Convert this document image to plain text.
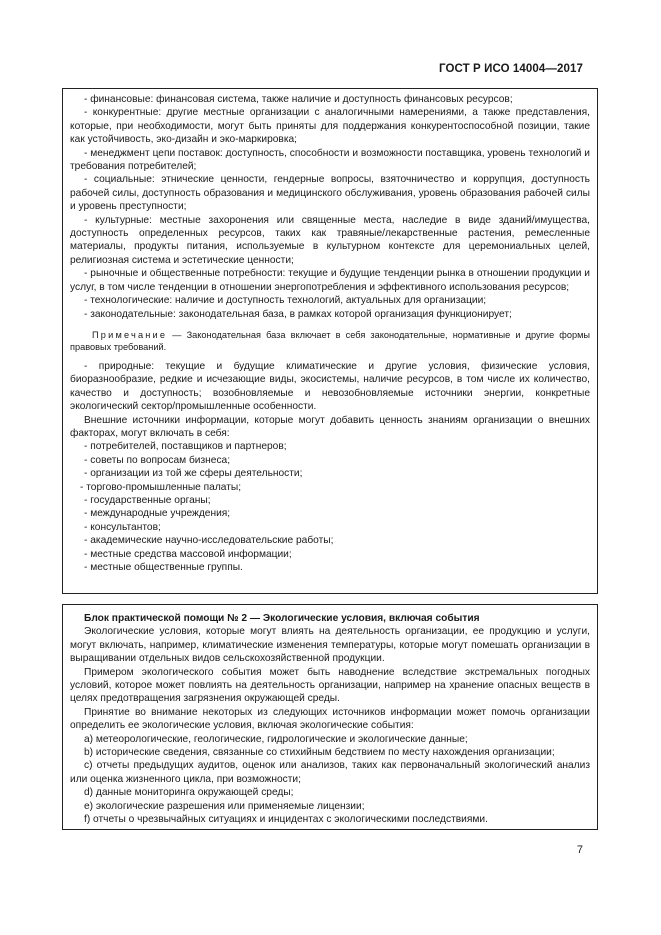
ГОСТ Р ИСО 14004—2017

- финансовые: финансовая система, также наличие и доступность финансовых ресурсов;

- конкурентные: другие местные организации с аналогичными намерениями, а также представления, которые, при необходимости, могут быть приняты для поддержания конкурентоспособной позиции, такие как устойчивость, эко-дизайн и эко-маркировка;

- менеджмент цепи поставок: доступность, способности и возможности поставщика, уровень технологий и требования потребителей;

- социальные: этнические ценности, гендерные вопросы, взяточничество и коррупция, доступность рабочей силы, доступность образования и медицинского обслуживания, уровень образования рабочей силы и уровень преступности;

- культурные: местные захоронения или священные места, наследие в виде зданий/имущества, доступность определенных ресурсов, таких как травяные/лекарственные растения, ремесленные материалы, продукты питания, используемые в культурном контексте для церемониальных целей, религиозная система и эстетические ценности;

- рыночные и общественные потребности: текущие и будущие тенденции рынка в отношении продукции и услуг, в том числе тенденции в отношении энергопотребления и эффективного использования ресурсов;

- технологические: наличие и доступность технологий, актуальных для организации;

- законодательные: законодательная база, в рамках которой организация функционирует;

Примечание — Законодательная база включает в себя законодательные, нормативные и другие формы правовых требований.

- природные: текущие и будущие климатические и другие условия, физические условия, биоразнообразие, редкие и исчезающие виды, экосистемы, наличие ресурсов, в том числе их количество, качество и доступность; возобновляемые и невозобновляемые источники энергии, конкретные экологический сектор/промышленные особенности.

Внешние источники информации, которые могут добавить ценность знаниям организации о внешних факторах, могут включать в себя:

- потребителей, поставщиков и партнеров;

- советы по вопросам бизнеса;

- организации из той же сферы деятельности;

- торгово-промышленные палаты;

- государственные органы;

- международные учреждения;

- консультантов;

- академические научно-исследовательские работы;

- местные средства массовой информации;

- местные общественные группы.

Блок практической помощи № 2 — Экологические условия, включая события

Экологические условия, которые могут влиять на деятельность организации, ее продукцию и услуги, могут включать, например, климатические изменения температуры, которые могут помешать организации в выращивании отдельных видов сельскохозяйственной продукции.

Примером экологического события может быть наводнение вследствие экстремальных погодных условий, которое может повлиять на деятельность организации, например на хранение опасных веществ в целях предотвращения загрязнения окружающей среды.

Принятие во внимание некоторых из следующих источников информации может помочь организации определить ее экологические условия, включая экологические события:

a) метеорологические, геологические, гидрологические и экологические данные;

b) исторические сведения, связанные со стихийным бедствием по месту нахождения организации;

c) отчеты предыдущих аудитов, оценок или анализов, таких как первоначальный экологический анализ или оценка жизненного цикла, при возможности;

d) данные мониторинга окружающей среды;

e) экологические разрешения или применяемые лицензии;

f) отчеты о чрезвычайных ситуациях и инцидентах с экологическими последствиями.

7
